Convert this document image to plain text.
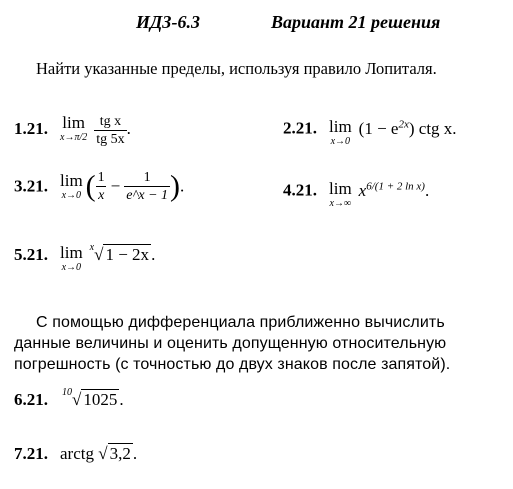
ИДЗ-6.3	Вариант 21 решения
Найти указанные пределы, используя правило Лопиталя.
1.21. lim
x→π/2
$\frac{\text{tg x}}{tg 5x}$ .	2.21. lim
x→0
$(1 - e^{2x})$ ctg x.
3.21. lim
x→0 ( $\frac{1}{x} - \frac{1}{e\^{}x - 1}$ ).	4.21. lim
x→∞
$x^{6/(1 + 2 ln x)}$.
5.21. lim
x→0
$^x$√ 1 − 2x .
С помощью дифференциала приближенно вычислить данные величины и оценить допущенную относительную погрешность (с точностью до двух знаков после запятой).
6.21. $^{10}$√ 1025 .
7.21. arctg √ 3,2 .
